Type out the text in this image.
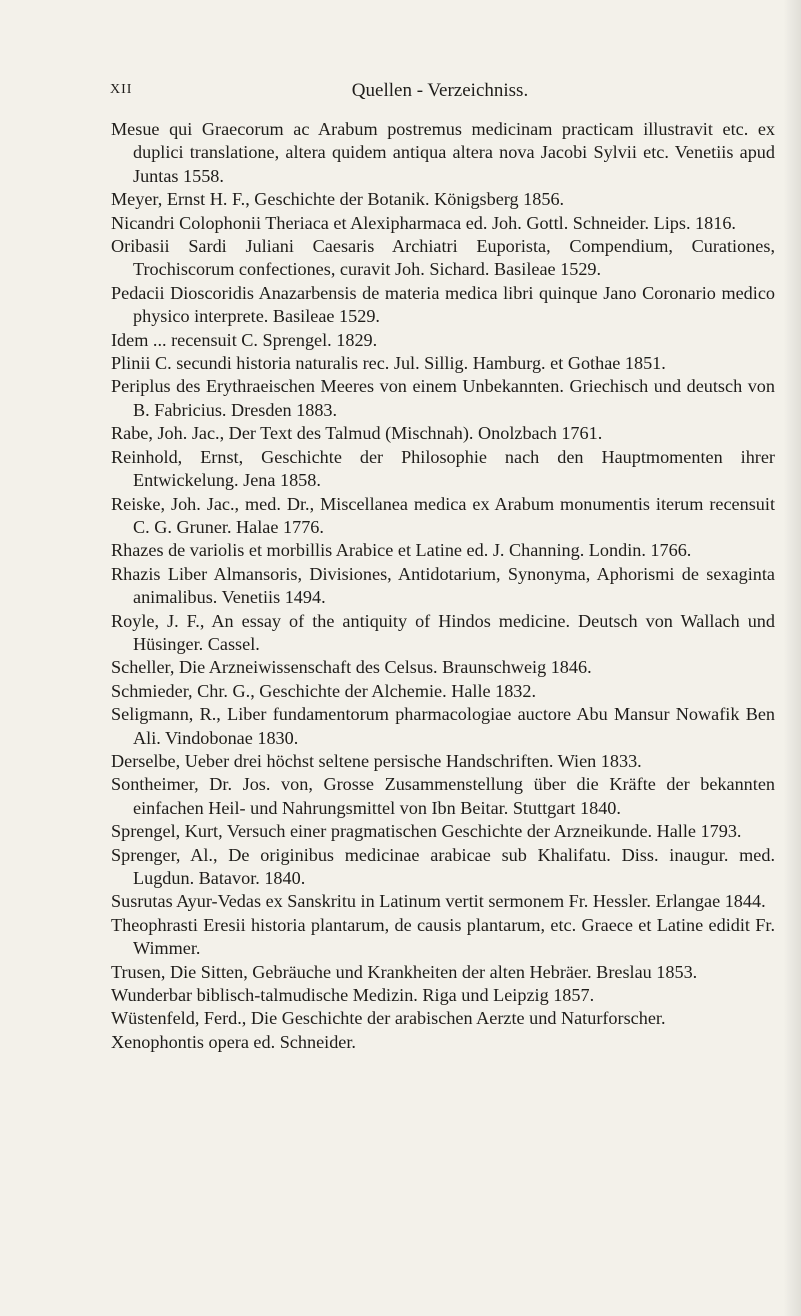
XII	Quellen - Verzeichniss.
Mesue qui Graecorum ac Arabum postremus medicinam practicam illustravit etc. ex duplici translatione, altera quidem antiqua altera nova Jacobi Sylvii etc. Venetiis apud Juntas 1558.
Meyer, Ernst H. F., Geschichte der Botanik. Königsberg 1856.
Nicandri Colophonii Theriaca et Alexipharmaca ed. Joh. Gottl. Schneider. Lips. 1816.
Oribasii Sardi Juliani Caesaris Archiatri Euporista, Compendium, Curationes, Trochiscorum confectiones, curavit Joh. Sichard. Basileae 1529.
Pedacii Dioscoridis Anazarbensis de materia medica libri quinque Jano Coronario medico physico interprete. Basileae 1529.
Idem ... recensuit C. Sprengel. 1829.
Plinii C. secundi historia naturalis rec. Jul. Sillig. Hamburg. et Gothae 1851.
Periplus des Erythraeischen Meeres von einem Unbekannten. Griechisch und deutsch von B. Fabricius. Dresden 1883.
Rabe, Joh. Jac., Der Text des Talmud (Mischnah). Onolzbach 1761.
Reinhold, Ernst, Geschichte der Philosophie nach den Hauptmomenten ihrer Entwickelung. Jena 1858.
Reiske, Joh. Jac., med. Dr., Miscellanea medica ex Arabum monumentis iterum recensuit C. G. Gruner. Halae 1776.
Rhazes de variolis et morbillis Arabice et Latine ed. J. Channing. Londin. 1766.
Rhazis Liber Almansoris, Divisiones, Antidotarium, Synonyma, Aphorismi de sexaginta animalibus. Venetiis 1494.
Royle, J. F., An essay of the antiquity of Hindos medicine. Deutsch von Wallach und Hüsinger. Cassel.
Scheller, Die Arzneiwissenschaft des Celsus. Braunschweig 1846.
Schmieder, Chr. G., Geschichte der Alchemie. Halle 1832.
Seligmann, R., Liber fundamentorum pharmacologiae auctore Abu Mansur Nowafik Ben Ali. Vindobonae 1830.
Derselbe, Ueber drei höchst seltene persische Handschriften. Wien 1833.
Sontheimer, Dr. Jos. von, Grosse Zusammenstellung über die Kräfte der bekannten einfachen Heil- und Nahrungsmittel von Ibn Beitar. Stuttgart 1840.
Sprengel, Kurt, Versuch einer pragmatischen Geschichte der Arzneikunde. Halle 1793.
Sprenger, Al., De originibus medicinae arabicae sub Khalifatu. Diss. inaugur. med. Lugdun. Batavor. 1840.
Susrutas Ayur-Vedas ex Sanskritu in Latinum vertit sermonem Fr. Hessler. Erlangae 1844.
Theophrasti Eresii historia plantarum, de causis plantarum, etc. Graece et Latine edidit Fr. Wimmer.
Trusen, Die Sitten, Gebräuche und Krankheiten der alten Hebräer. Breslau 1853.
Wunderbar biblisch-talmudische Medizin. Riga und Leipzig 1857.
Wüstenfeld, Ferd., Die Geschichte der arabischen Aerzte und Naturforscher.
Xenophontis opera ed. Schneider.
